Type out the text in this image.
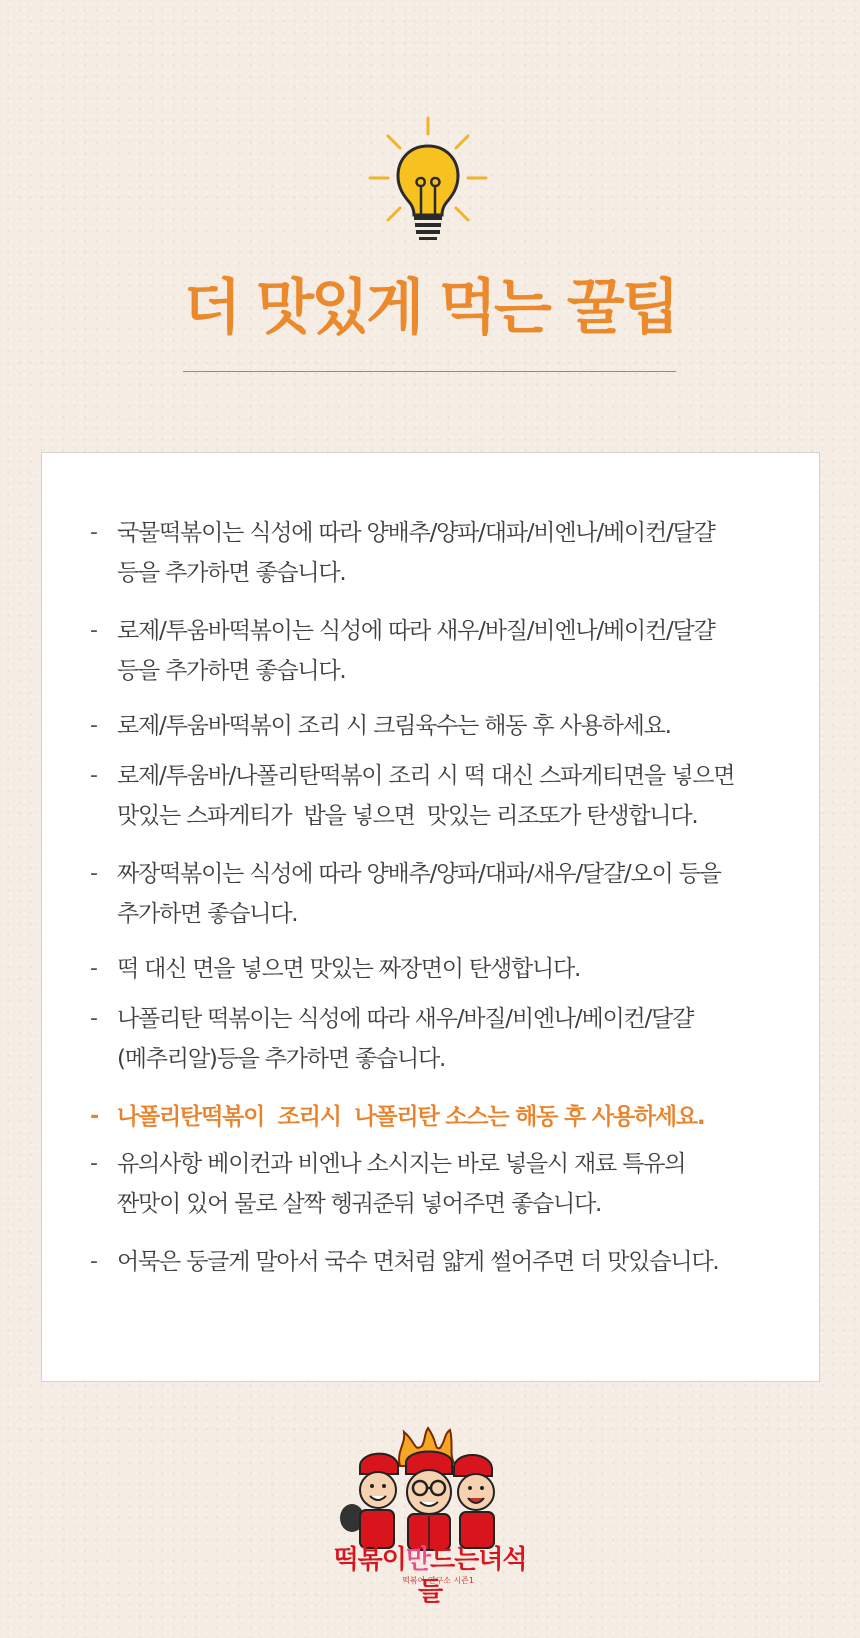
더 맛있게 먹는 꿀팁
- 국물떡볶이는 식성에 따라 양배추/양파/대파/비엔나/베이컨/달걀
등을 추가하면 좋습니다.
- 로제/투움바떡볶이는 식성에 따라 새우/바질/비엔나/베이컨/달걀
등을 추가하면 좋습니다.
- 로제/투움바떡볶이 조리 시 크림육수는 해동 후 사용하세요.
- 로제/투움바/나폴리탄떡볶이 조리 시 떡 대신 스파게티면을 넣으면
맛있는 스파게티가  밥을 넣으면  맛있는 리조또가 탄생합니다.
- 짜장떡볶이는 식성에 따라 양배추/양파/대파/새우/달걀/오이 등을
추가하면 좋습니다.
- 떡 대신 면을 넣으면 맛있는 짜장면이 탄생합니다.
- 나폴리탄 떡볶이는 식성에 따라 새우/바질/비엔나/베이컨/달걀
(메추리알)등을 추가하면 좋습니다.
- 나폴리탄떡볶이  조리시  나폴리탄 소스는 해동 후 사용하세요.
- 유의사항 베이컨과 비엔나 소시지는 바로 넣을시 재료 특유의
짠맛이 있어 물로 살짝 헹궈준뒤 넣어주면 좋습니다.
- 어묵은 둥글게 말아서 국수 면처럼 얇게 썰어주면 더 맛있습니다.
떡볶이만드는녀석들
떡볶이 연구소 시즌1
